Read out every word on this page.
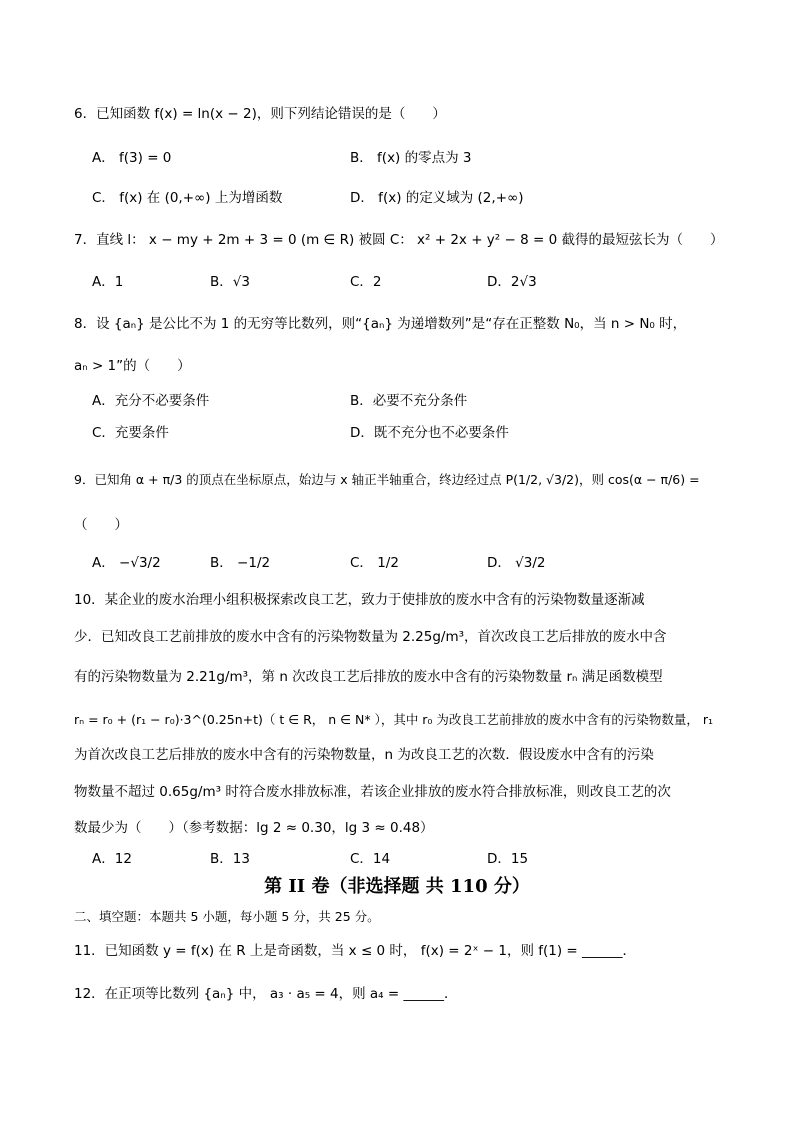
6．已知函数 f(x) = ln(x − 2)，则下列结论错误的是（　　）
A． f(3) = 0	B． f(x) 的零点为 3
C． f(x) 在 (0,+∞) 上为增函数	D． f(x) 的定义域为 (2,+∞)
7．直线 l： x − my + 2m + 3 = 0 (m ∈ R) 被圆 C： x² + 2x + y² − 8 = 0 截得的最短弦长为（　　）
A．1	B．√3	C．2	D．2√3
8．设 {aₙ} 是公比不为 1 的无穷等比数列，则“{aₙ} 为递增数列”是“存在正整数 N₀，当 n > N₀ 时，
aₙ > 1”的（　　）
A．充分不必要条件	B．必要不充分条件
C．充要条件	D．既不充分也不必要条件
9．已知角 α + π/3 的顶点在坐标原点，始边与 x 轴正半轴重合，终边经过点 P(1/2, √3/2)，则 cos(α − π/6) =
（　　）
A． −√3/2	B． −1/2	C． 1/2	D． √3/2
10．某企业的废水治理小组积极探索改良工艺，致力于使排放的废水中含有的污染物数量逐渐减
少．已知改良工艺前排放的废水中含有的污染物数量为 2.25g/m³，首次改良工艺后排放的废水中含
有的污染物数量为 2.21g/m³，第 n 次改良工艺后排放的废水中含有的污染物数量 rₙ 满足函数模型
rₙ = r₀ + (r₁ − r₀)·3^(0.25n+t)（ t ∈ R， n ∈ N* ），其中 r₀ 为改良工艺前排放的废水中含有的污染物数量， r₁
为首次改良工艺后排放的废水中含有的污染物数量，n 为改良工艺的次数．假设废水中含有的污染
物数量不超过 0.65g/m³ 时符合废水排放标准，若该企业排放的废水符合排放标准，则改良工艺的次
数最少为（　　）（参考数据：lg 2 ≈ 0.30，lg 3 ≈ 0.48）
A．12	B．13	C．14	D．15
第 II 卷（非选择题 共 110 分）
二、填空题：本题共 5 小题，每小题 5 分，共 25 分。
11．已知函数 y = f(x) 在 R 上是奇函数，当 x ≤ 0 时， f(x) = 2ˣ − 1，则 f(1) = ______．
12．在正项等比数列 {aₙ} 中， a₃ · a₅ = 4，则 a₄ = ______．
